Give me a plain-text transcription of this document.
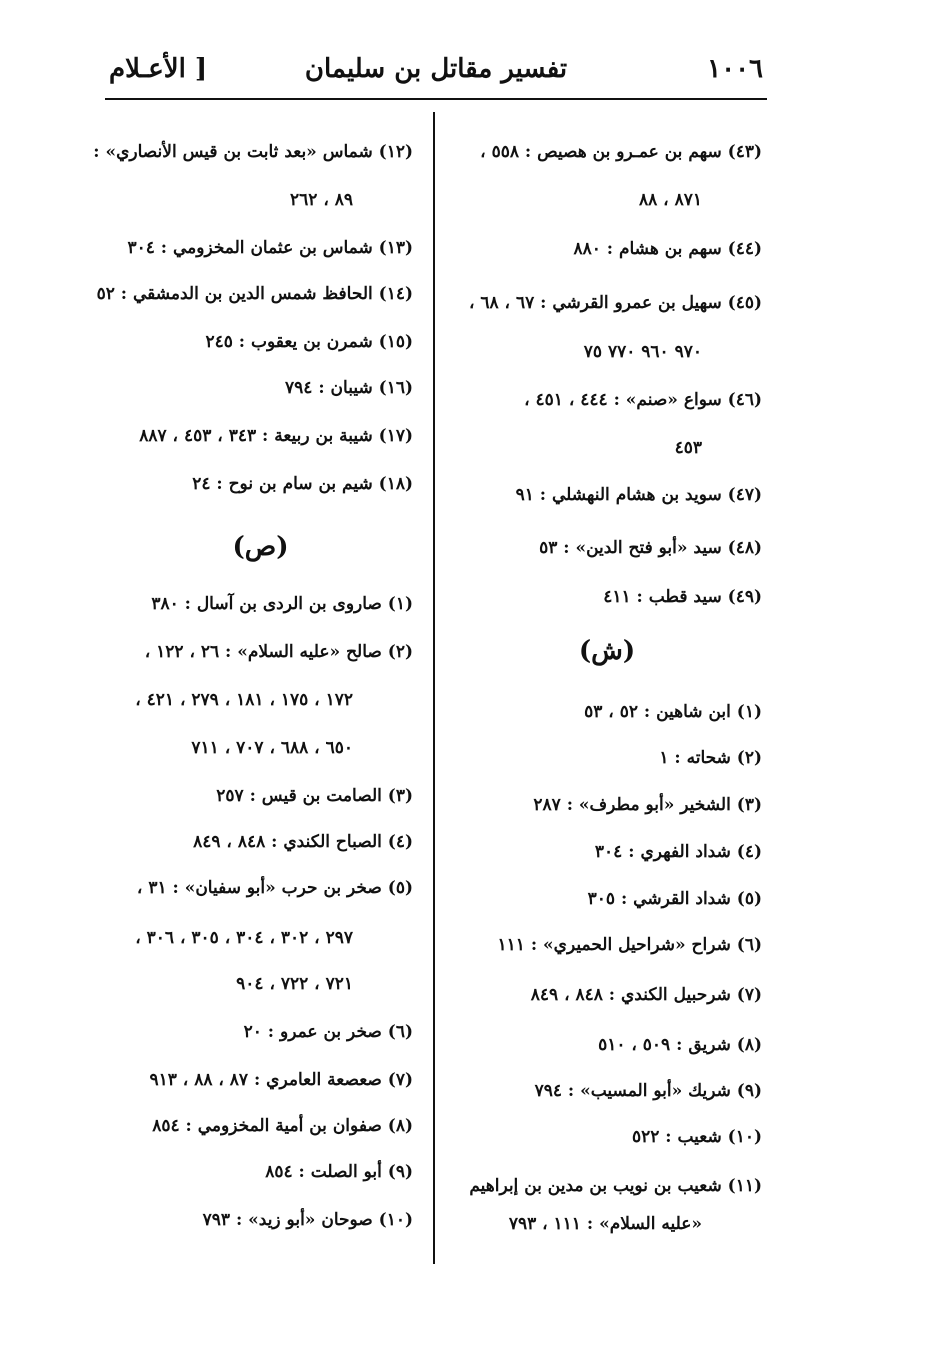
١٠٠٦
تفسير مقاتل بن سليمان
[ الأعـلام
(٤٣) سهم بن عمـرو بن هصيص : ٥٥٨ ،
٨٧١ ، ٨٨
(٤٤) سهم بن هشام : ٨٨٠
(٤٥) سهيل بن عمرو القرشي : ٦٧ ، ٦٨ ،
٩٧٠ ٩٦٠ ٧٧٠ ٧٥
(٤٦) سواع «صنم» : ٤٤٤ ، ٤٥١ ،
٤٥٣
(٤٧) سويد بن هشام النهشلي : ٩١
(٤٨) سيد «أبو فتح الدين» : ٥٣
(٤٩) سيد قطب : ٤١١
(ش)
(١) ابن شاهين : ٥٢ ، ٥٣
(٢) شحاته : ١
(٣) الشخير «أبو مطرف» : ٢٨٧
(٤) شداد الفهري : ٣٠٤
(٥) شداد القرشي : ٣٠٥
(٦) شراح «شراحيل الحميري» : ١١١
(٧) شرحبيل الكندي : ٨٤٨ ، ٨٤٩
(٨) شريق : ٥٠٩ ، ٥١٠
(٩) شريك «أبو المسيب» : ٧٩٤
(١٠) شعيب : ٥٢٢
(١١) شعيب بن نويب بن مدين بن إبراهيم
«عليه السلام» : ١١١ ، ٧٩٣
(١٢) شماس «بعد ثابت بن قيس الأنصاري» :
٨٩ ، ٢٦٢
(١٣) شماس بن عثمان المخزومي : ٣٠٤
(١٤) الحافظ شمس الدين بن الدمشقي : ٥٢
(١٥) شمرن بن يعقوب : ٢٤٥
(١٦) شيبان : ٧٩٤
(١٧) شيبة بن ربيعة : ٣٤٣ ، ٤٥٣ ، ٨٨٧
(١٨) شيم بن سام بن نوح : ٢٤
(ص)
(١) صاروى بن الردى بن آسال : ٣٨٠
(٢) صالح «عليه السلام» : ٢٦ ، ١٢٢ ،
١٧٢ ، ١٧٥ ، ١٨١ ، ٢٧٩ ، ٤٢١ ،
٦٥٠ ، ٦٨٨ ، ٧٠٧ ، ٧١١
(٣) الصامت بن قيس : ٢٥٧
(٤) الصباح الكندي : ٨٤٨ ، ٨٤٩
(٥) صخر بن حرب «أبو سفيان» : ٣١ ،
٢٩٧ ، ٣٠٢ ، ٣٠٤ ، ٣٠٥ ، ٣٠٦ ،
٧٢١ ، ٧٢٢ ، ٩٠٤
(٦) صخر بن عمرو : ٢٠
(٧) صعصعة العامري : ٨٧ ، ٨٨ ، ٩١٣
(٨) صفوان بن أمية المخزومي : ٨٥٤
(٩) أبو الصلت : ٨٥٤
(١٠) صوحان «أبو زيد» : ٧٩٣
